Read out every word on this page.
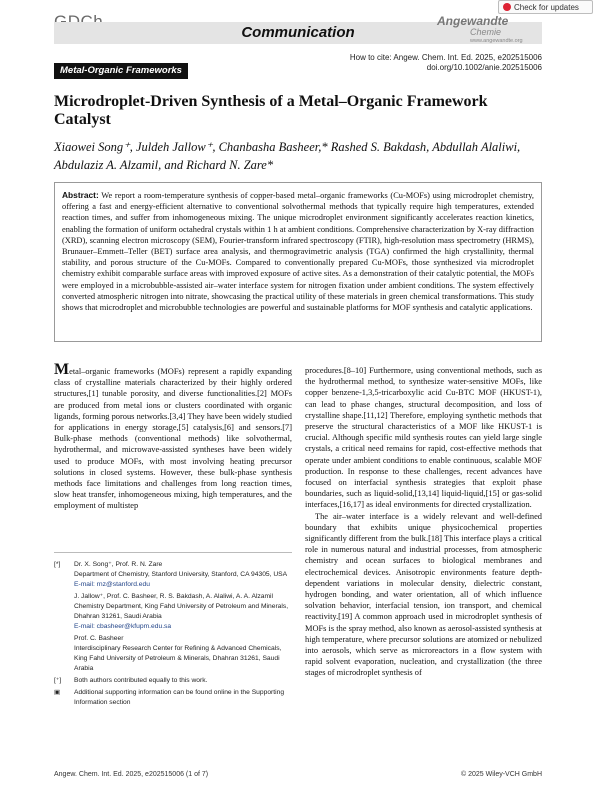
Check for updates
Communication
Angewandte
Chemie
www.angewandte.org
How to cite: Angew. Chem. Int. Ed. 2025, e202515006
doi.org/10.1002/anie.202515006
Metal-Organic Frameworks
Microdroplet-Driven Synthesis of a Metal–Organic Framework Catalyst
Xiaowei Song⁺, Juldeh Jallow⁺, Chanbasha Basheer,* Rashed S. Bakdash, Abdullah Alaliwi,
Abdulaziz A. Alzamil, and Richard N. Zare*
Abstract: We report a room-temperature synthesis of copper-based metal–organic frameworks (Cu-MOFs) using microdroplet chemistry, offering a fast and energy-efficient alternative to conventional solvothermal methods that typically require high temperatures, extended reaction times, and suffer from inhomogeneous mixing. The unique microdroplet environment significantly accelerates reaction kinetics, enabling the formation of uniform octahedral crystals within 1 h at ambient conditions. Comprehensive characterization by X-ray diffraction (XRD), scanning electron microscopy (SEM), Fourier-transform infrared spectroscopy (FTIR), high-resolution mass spectrometry (HRMS), Brunauer–Emmett–Teller (BET) surface area analysis, and thermogravimetric analysis (TGA) confirmed the high crystallinity, thermal stability, and porous structure of the Cu-MOFs. Compared to conventionally prepared Cu-MOFs, those synthesized via microdroplet chemistry exhibit comparable surface areas with improved exposure of active sites. As a demonstration of their catalytic potential, the MOFs were employed in a microbubble-assisted air–water interface system for nitrogen fixation under ambient conditions. The system effectively converted atmospheric nitrogen into nitrate, showcasing the practical utility of these materials in green chemical transformations. This study shows that microdroplet and microbubble technologies are powerful and sustainable platforms for MOF synthesis and catalytic applications.

Metal–organic frameworks (MOFs) represent a rapidly expanding class of crystalline materials characterized by their highly ordered structures,[1] tunable porosity, and diverse functionalities.[2] MOFs are produced from metal ions or clusters coordinated with organic ligands, forming porous networks.[3,4] They have been widely studied for applications in energy storage,[5] catalysis,[6] and sensors.[7] Bulk-phase methods (conventional methods) like solvothermal, hydrothermal, and microwave-assisted syntheses have been widely used to produce MOFs, with most involving heating precursor solutions in closed systems. However, these bulk-phase synthesis methods face limitations and challenges from long reaction times, slow heat transfer, inhomogeneous mixing, high temperatures, and the employment of multistep

[*]	Dr. X. Song⁺, Prof. R. N. Zare
Department of Chemistry, Stanford University, Stanford, CA 94305, USA
E-mail: rnz@stanford.edu
J. Jallow⁺, Prof. C. Basheer, R. S. Bakdash, A. Alaliwi, A. A. Alzamil
Chemistry Department, King Fahd University of Petroleum and Minerals, Dhahran 31261, Saudi Arabia
E-mail: cbasheer@kfupm.edu.sa
Prof. C. Basheer
Interdisciplinary Research Center for Refining & Advanced Chemicals, King Fahd University of Petroleum & Minerals, Dhahran 31261, Saudi Arabia
[⁺]	Both authors contributed equally to this work.
▣	Additional supporting information can be found online in the Supporting Information section

procedures.[8–10] Furthermore, using conventional methods, such as the hydrothermal method, to synthesize water-sensitive MOFs, like copper benzene-1,3,5-tricarboxylic acid Cu-BTC MOF (HKUST-1), can lead to phase changes, structural decomposition, and loss of crystalline shape.[11,12] Therefore, employing synthetic methods that preserve the structural characteristics of a MOF like HKUST-1 is crucial. Although specific mild synthesis routes can yield large single crystals, a critical need remains for rapid, cost-effective methods that operate under ambient conditions to enable continuous, scalable MOF production. In response to these challenges, recent advances have focused on interfacial synthesis strategies that exploit phase boundaries, such as liquid-solid,[13,14] liquid-liquid,[15] or gas-solid interfaces,[16,17] as ideal environments for directed crystallization.

The air–water interface is a widely relevant and well-defined boundary that exhibits unique physicochemical properties significantly different from the bulk.[18] This interface plays a critical role in numerous natural and industrial processes, from atmospheric chemistry and ocean surfaces to biological membranes and electrochemical devices. Anisotropic environments feature depth-dependent variations in molecular density, dielectric constant, hydrogen bonding, and water orientation, all of which influence solvation behavior, interfacial tension, ion transport, and chemical reactivity.[19] A common approach used in microdroplet synthesis of MOFs is the spray method, also known as aerosol-assisted synthesis at high temperature, where precursor solutions are atomized or nebulized into aerosols, which serve as microreactors in a flow system with rapid solvent evaporation, nucleation, and crystallization (the three stages of microdroplet synthesis of

Angew. Chem. Int. Ed. 2025, e202515006 (1 of 7)	© 2025 Wiley-VCH GmbH
